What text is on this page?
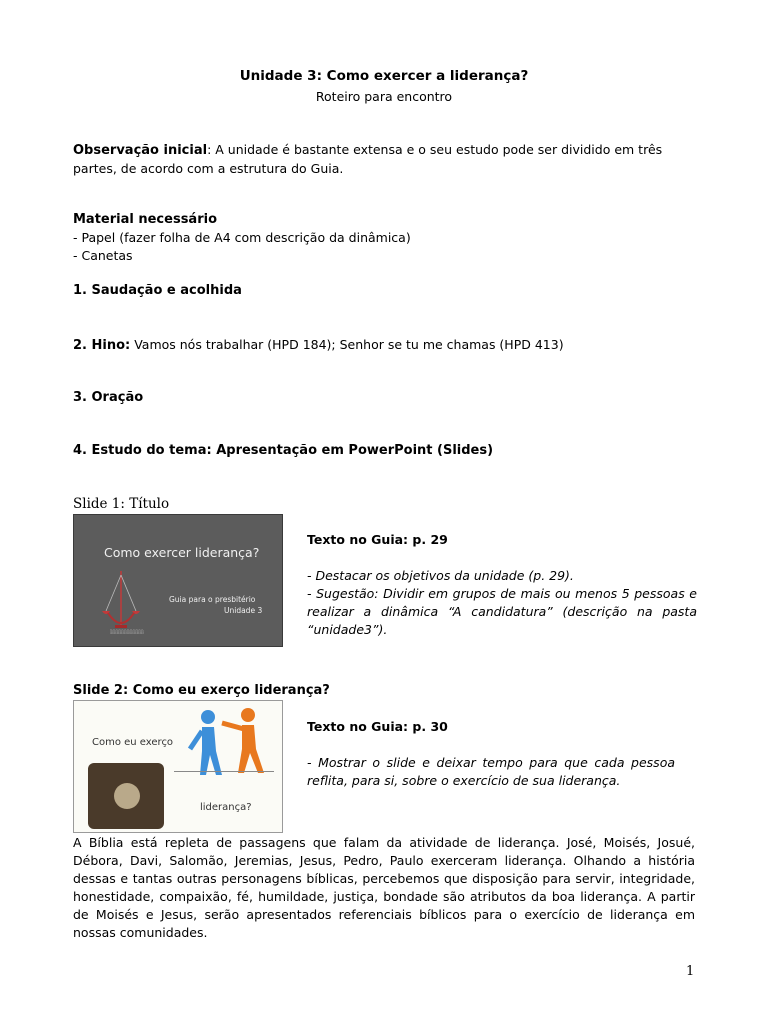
Unidade 3: Como exercer a liderança?
Roteiro para encontro
Observação inicial: A unidade é bastante extensa e o seu estudo pode ser dividido em três partes, de acordo com a estrutura do Guia.
Material necessário
- Papel (fazer folha de A4 com descrição da dinâmica)
- Canetas
1. Saudação e acolhida
2. Hino: Vamos nós trabalhar (HPD 184); Senhor se tu me chamas (HPD 413)
3. Oração
4. Estudo do tema: Apresentação em PowerPoint (Slides)
Slide 1: Título
Como exercer liderança?
░░░░░░░░░░░
Guia para o presbitério
Unidade 3
Texto no Guia: p. 29
- Destacar os objetivos da unidade (p. 29).
- Sugestão: Dividir em grupos de mais ou menos 5 pessoas e realizar a dinâmica “A candidatura” (descrição na pasta “unidade3”).
Slide 2: Como eu exerço liderança?
Como eu exerço
liderança?
Texto no Guia: p. 30
- Mostrar o slide e deixar tempo para que cada pessoa reflita, para si, sobre o exercício de sua liderança.
A Bíblia está repleta de passagens que falam da atividade de liderança. José, Moisés, Josué, Débora, Davi, Salomão, Jeremias, Jesus, Pedro, Paulo exerceram liderança. Olhando a história dessas e tantas outras personagens bíblicas, percebemos que disposição para servir, integridade, honestidade, compaixão, fé, humildade, justiça, bondade são atributos da boa liderança. A partir de Moisés e Jesus, serão apresentados referenciais bíblicos para o exercício de liderança em nossas comunidades.
1
